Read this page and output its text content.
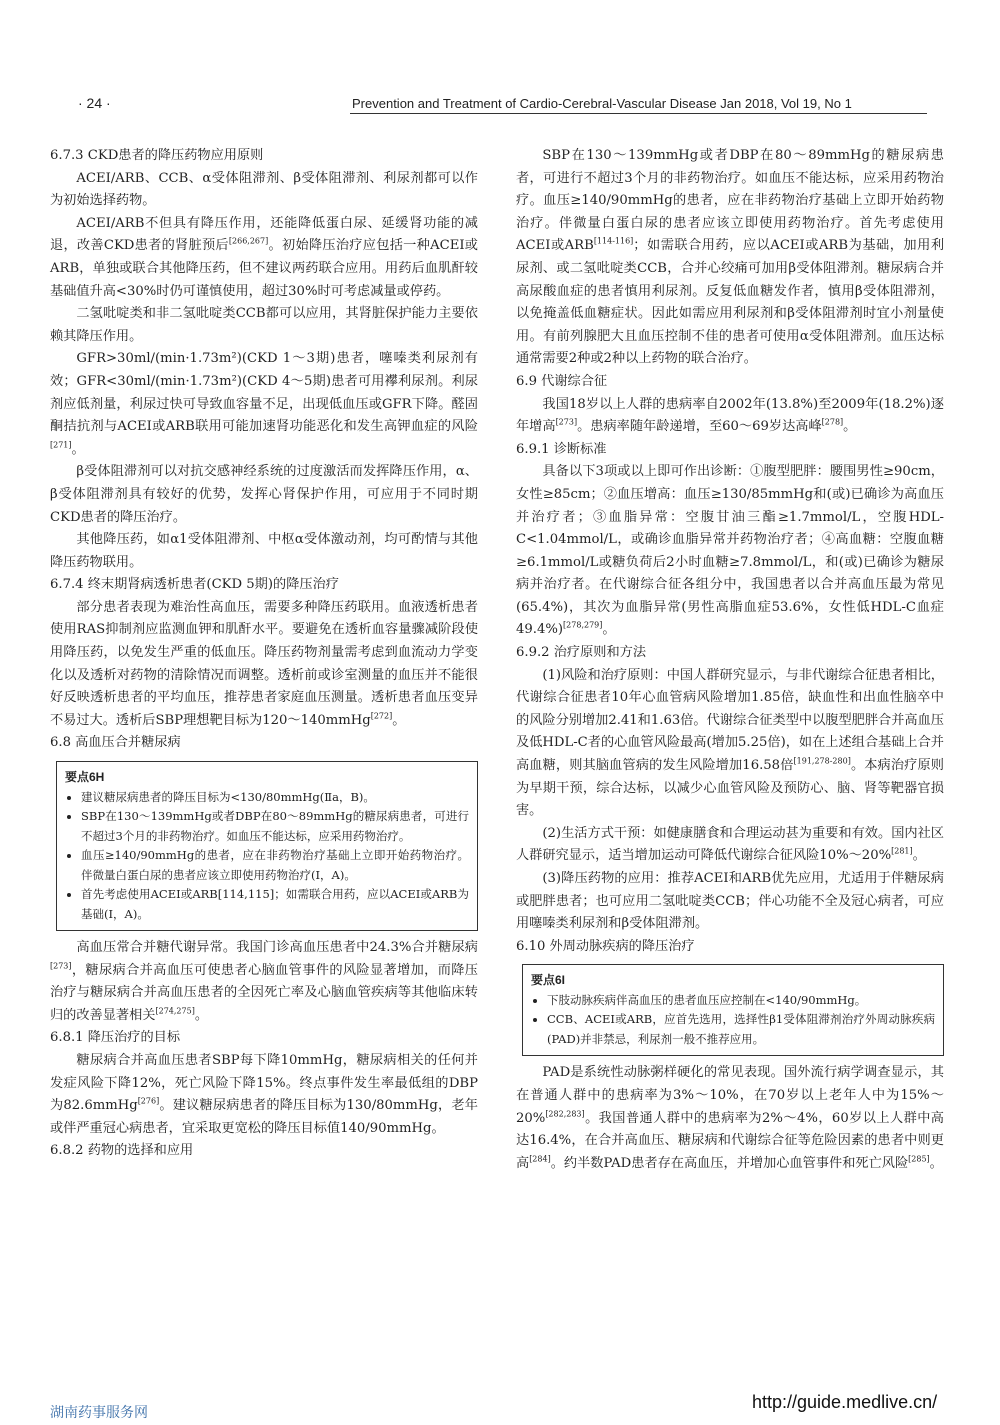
· 24 ·	Prevention and Treatment of Cardio-Cerebral-Vascular Disease Jan 2018, Vol 19, No 1
6.7.3 CKD患者的降压药物应用原则

ACEI/ARB、CCB、α受体阻滞剂、β受体阻滞剂、利尿剂都可以作为初始选择药物。

ACEI/ARB不但具有降压作用，还能降低蛋白尿、延缓肾功能的减退，改善CKD患者的肾脏预后[266,267]。初始降压治疗应包括一种ACEI或ARB，单独或联合其他降压药，但不建议两药联合应用。用药后血肌酐较基础值升高<30%时仍可谨慎使用，超过30%时可考虑减量或停药。

二氢吡啶类和非二氢吡啶类CCB都可以应用，其肾脏保护能力主要依赖其降压作用。

GFR>30ml/(min·1.73m²)(CKD 1～3期)患者，噻嗪类利尿剂有效；GFR<30ml/(min·1.73m²)(CKD 4～5期)患者可用襻利尿剂。利尿剂应低剂量，利尿过快可导致血容量不足，出现低血压或GFR下降。醛固酮拮抗剂与ACEI或ARB联用可能加速肾功能恶化和发生高钾血症的风险[271]。

β受体阻滞剂可以对抗交感神经系统的过度激活而发挥降压作用，α、β受体阻滞剂具有较好的优势，发挥心肾保护作用，可应用于不同时期CKD患者的降压治疗。

其他降压药，如α1受体阻滞剂、中枢α受体激动剂，均可酌情与其他降压药物联用。

6.7.4 终末期肾病透析患者(CKD 5期)的降压治疗

部分患者表现为难治性高血压，需要多种降压药联用。血液透析患者使用RAS抑制剂应监测血钾和肌酐水平。要避免在透析血容量骤减阶段使用降压药，以免发生严重的低血压。降压药物剂量需考虑到血流动力学变化以及透析对药物的清除情况而调整。透析前或诊室测量的血压并不能很好反映透析患者的平均血压，推荐患者家庭血压测量。透析患者血压变异不易过大。透析后SBP理想靶目标为120～140mmHg[272]。

6.8 高血压合并糖尿病
要点6H
• 建议糖尿病患者的降压目标为<130/80mmHg(Ⅱa，B)。
• SBP在130～139mmHg或者DBP在80～89mmHg的糖尿病患者，可进行不超过3个月的非药物治疗。如血压不能达标，应采用药物治疗。
• 血压≥140/90mmHg的患者，应在非药物治疗基础上立即开始药物治疗。伴微量白蛋白尿的患者应该立即使用药物治疗(Ⅰ，A)。
• 首先考虑使用ACEI或ARB[114,115]；如需联合用药，应以ACEI或ARB为基础(Ⅰ，A)。

高血压常合并糖代谢异常。我国门诊高血压患者中24.3%合并糖尿病[273]，糖尿病合并高血压可使患者心脑血管事件的风险显著增加，而降压治疗与糖尿病合并高血压患者的全因死亡率及心脑血管疾病等其他临床转归的改善显著相关[274,275]。

6.8.1 降压治疗的目标

糖尿病合并高血压患者SBP每下降10mmHg，糖尿病相关的任何并发症风险下降12%，死亡风险下降15%。终点事件发生率最低组的DBP为82.6mmHg[276]。建议糖尿病患者的降压目标为130/80mmHg，老年或伴严重冠心病患者，宜采取更宽松的降压目标值140/90mmHg。

6.8.2 药物的选择和应用

SBP在130～139mmHg或者DBP在80～89mmHg的糖尿病患者，可进行不超过3个月的非药物治疗。如血压不能达标，应采用药物治疗。血压≥140/90mmHg的患者，应在非药物治疗基础上立即开始药物治疗。伴微量白蛋白尿的患者应该立即使用药物治疗。首先考虑使用ACEI或ARB[114-116]；如需联合用药，应以ACEI或ARB为基础，加用利尿剂、或二氢吡啶类CCB，合并心绞痛可加用β受体阻滞剂。糖尿病合并高尿酸血症的患者慎用利尿剂。反复低血糖发作者，慎用β受体阻滞剂，以免掩盖低血糖症状。因此如需应用利尿剂和β受体阻滞剂时宜小剂量使用。有前列腺肥大且血压控制不佳的患者可使用α受体阻滞剂。血压达标通常需要2种或2种以上药物的联合治疗。

6.9 代谢综合征

我国18岁以上人群的患病率自2002年(13.8%)至2009年(18.2%)逐年增高[273]。患病率随年龄递增，至60～69岁达高峰[278]。

6.9.1 诊断标准

具备以下3项或以上即可作出诊断：①腹型肥胖：腰围男性≥90cm，女性≥85cm；②血压增高：血压≥130/85mmHg和(或)已确诊为高血压并治疗者；③血脂异常：空腹甘油三酯≥1.7mmol/L，空腹HDL-C<1.04mmol/L，或确诊血脂异常并药物治疗者；④高血糖：空腹血糖≥6.1mmol/L或糖负荷后2小时血糖≥7.8mmol/L，和(或)已确诊为糖尿病并治疗者。在代谢综合征各组分中，我国患者以合并高血压最为常见(65.4%)，其次为血脂异常(男性高脂血症53.6%，女性低HDL-C血症49.4%)[278,279]。

6.9.2 治疗原则和方法

(1)风险和治疗原则：中国人群研究显示，与非代谢综合征患者相比，代谢综合征患者10年心血管病风险增加1.85倍，缺血性和出血性脑卒中的风险分别增加2.41和1.63倍。代谢综合征类型中以腹型肥胖合并高血压及低HDL-C者的心血管风险最高(增加5.25倍)，如在上述组合基础上合并高血糖，则其脑血管病的发生风险增加16.58倍[191,278-280]。本病治疗原则为早期干预，综合达标，以减少心血管风险及预防心、脑、肾等靶器官损害。

(2)生活方式干预：如健康膳食和合理运动甚为重要和有效。国内社区人群研究显示，适当增加运动可降低代谢综合征风险10%～20%[281]。

(3)降压药物的应用：推荐ACEI和ARB优先应用，尤适用于伴糖尿病或肥胖患者；也可应用二氢吡啶类CCB；伴心功能不全及冠心病者，可应用噻嗪类利尿剂和β受体阻滞剂。

6.10 外周动脉疾病的降压治疗
要点6I
• 下肢动脉疾病伴高血压的患者血压应控制在<140/90mmHg。
• CCB、ACEI或ARB，应首先选用，选择性β1受体阻滞剂治疗外周动脉疾病(PAD)并非禁忌，利尿剂一般不推荐应用。

PAD是系统性动脉粥样硬化的常见表现。国外流行病学调查显示，其在普通人群中的患病率为3%～10%，在70岁以上老年人中为15%～20%[282,283]。我国普通人群中的患病率为2%～4%，60岁以上人群中高达16.4%，在合并高血压、糖尿病和代谢综合征等危险因素的患者中则更高[284]。约半数PAD患者存在高血压，并增加心血管事件和死亡风险[285]。

湖南药事服务网	http://guide.medlive.cn/
